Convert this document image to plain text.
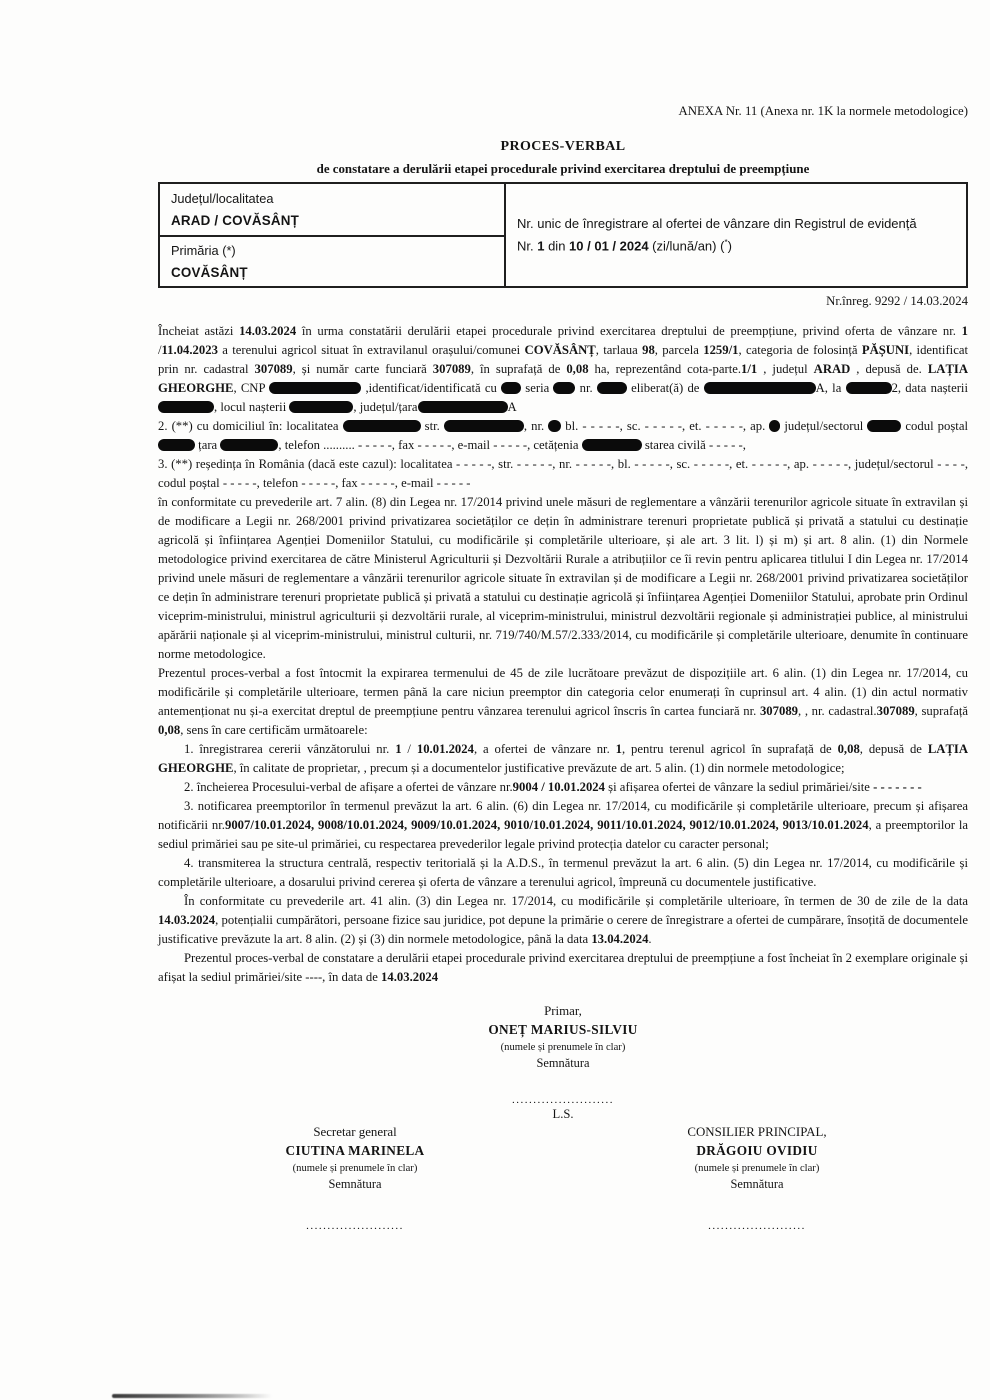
ANEXA Nr. 11 (Anexa nr. 1K la normele metodologice)
PROCES-VERBAL
de constatare a derulării etapei procedurale privind exercitarea dreptului de preempțiune
Județul/localitatea
ARAD / COVĂSÂNȚ	Nr. unic de înregistrare al ofertei de vânzare din Registrul de evidență
Nr. 1 din 10 / 01 / 2024 (zi/lună/an) (*)

Primăria (*)
COVĂSÂNȚ
Nr.înreg. 9292 / 14.03.2024

Încheiat astăzi 14.03.2024 în urma constatării derulării etapei procedurale privind exercitarea dreptului de preempțiune, privind oferta de vânzare nr. 1 /11.04.2023 a terenului agricol situat în extravilanul orașului/comunei COVĂSÂNȚ, tarlaua 98, parcela 1259/1, categoria de folosință PĂȘUNI, identificat prin nr. cadastral 307089, și număr carte funciară 307089, în suprafață de 0,08 ha, reprezentând cota-parte.1/1 , județul ARAD , depusă de. LAȚIA GHEORGHE, CNP	,identificat/identificată cu  seria  nr.  eliberat(ă) de	A, la	2, data nașterii , locul nașterii	, județul/țara	A

2. (**) cu domiciliul în: localitatea	str.	, nr.  bl. - - - - -, sc. - - - - -, et. - - - - -, ap.  județul/sectorul	codul poștal  țara	, telefon .......... - - - - -, fax - - - - -, e-mail - - - - -, cetățenia	starea civilă - - - - -,

3. (**) reședința în România (dacă este cazul): localitatea - - - - -, str. - - - - -, nr. - - - - -, bl. - - - - -, sc. - - - - -, et. - - - - -, ap. - - - - -, județul/sectorul - - - -, codul poștal - - - - -, telefon - - - - -, fax - - - - -, e-mail - - - - -

în conformitate cu prevederile art. 7 alin. (8) din Legea nr. 17/2014 privind unele măsuri de reglementare a vânzării terenurilor agricole situate în extravilan și de modificare a Legii nr. 268/2001 privind privatizarea societăților ce dețin în administrare terenuri proprietate publică și privată a statului cu destinație agricolă și înființarea Agenției Domeniilor Statului, cu modificările și completările ulterioare, și ale art. 3 lit. l) și m) și art. 8 alin. (1) din Normele metodologice privind exercitarea de către Ministerul Agriculturii și Dezvoltării Rurale a atribuțiilor ce îi revin pentru aplicarea titlului I din Legea nr. 17/2014 privind unele măsuri de reglementare a vânzării terenurilor agricole situate în extravilan și de modificare a Legii nr. 268/2001 privind privatizarea societăților ce dețin în administrare terenuri proprietate publică și privată a statului cu destinație agricolă și înființarea Agenției Domeniilor Statului, aprobate prin Ordinul viceprim-ministrului, ministrul agriculturii și dezvoltării rurale, al viceprim-ministrului, ministrul dezvoltării regionale și administrației publice, al ministrului apărării naționale și al viceprim-ministrului, ministrul culturii, nr. 719/740/M.57/2.333/2014, cu modificările și completările ulterioare, denumite în continuare norme metodologice.

Prezentul proces-verbal a fost întocmit la expirarea termenului de 45 de zile lucrătoare prevăzut de dispozițiile art. 6 alin. (1) din Legea nr. 17/2014, cu modificările și completările ulterioare, termen până la care niciun preemptor din categoria celor enumerați în cuprinsul art. 4 alin. (1) din actul normativ antemenționat nu și-a exercitat dreptul de preempțiune pentru vânzarea terenului agricol înscris în cartea funciară nr. 307089, , nr. cadastral.307089, suprafață 0,08, sens în care certificăm următoarele:

1. înregistrarea cererii vânzătorului nr. 1 / 10.01.2024, a ofertei de vânzare nr. 1, pentru terenul agricol în suprafață de 0,08, depusă de LAȚIA GHEORGHE, în calitate de proprietar, , precum și a documentelor justificative prevăzute de art. 5 alin. (1) din normele metodologice;

2. încheierea Procesului-verbal de afișare a ofertei de vânzare nr.9004 / 10.01.2024 și afișarea ofertei de vânzare la sediul primăriei/site - - - - - - -

3. notificarea preemptorilor în termenul prevăzut la art. 6 alin. (6) din Legea nr. 17/2014, cu modificările și completările ulterioare, precum și afișarea notificării nr.9007/10.01.2024, 9008/10.01.2024, 9009/10.01.2024, 9010/10.01.2024, 9011/10.01.2024, 9012/10.01.2024, 9013/10.01.2024, a preemptorilor la sediul primăriei sau pe site-ul primăriei, cu respectarea prevederilor legale privind protecția datelor cu caracter personal;

4. transmiterea la structura centrală, respectiv teritorială și la A.D.S., în termenul prevăzut la art. 6 alin. (5) din Legea nr. 17/2014, cu modificările și completările ulterioare, a dosarului privind cererea și oferta de vânzare a terenului agricol, împreună cu documentele justificative.

În conformitate cu prevederile art. 41 alin. (3) din Legea nr. 17/2014, cu modificările și completările ulterioare, în termen de 30 de zile de la data 14.03.2024, potențialii cumpărători, persoane fizice sau juridice, pot depune la primărie o cerere de înregistrare a ofertei de cumpărare, însoțită de documentele justificative prevăzute la art. 8 alin. (2) și (3) din normele metodologice, până la data 13.04.2024.

Prezentul proces-verbal de constatare a derulării etapei procedurale privind exercitarea dreptului de preempțiune a fost încheiat în 2 exemplare originale și afișat la sediul primăriei/site ----, în data de 14.03.2024

Primar,
ONEȚ MARIUS-SILVIU
(numele și prenumele în clar)
Semnătura
........................
L.S.
Secretar general
CIUTINA MARINELA
(numele și prenumele în clar)
Semnătura
.......................
CONSILIER PRINCIPAL,
DRĂGOIU OVIDIU
(numele și prenumele în clar)
Semnătura
.......................
